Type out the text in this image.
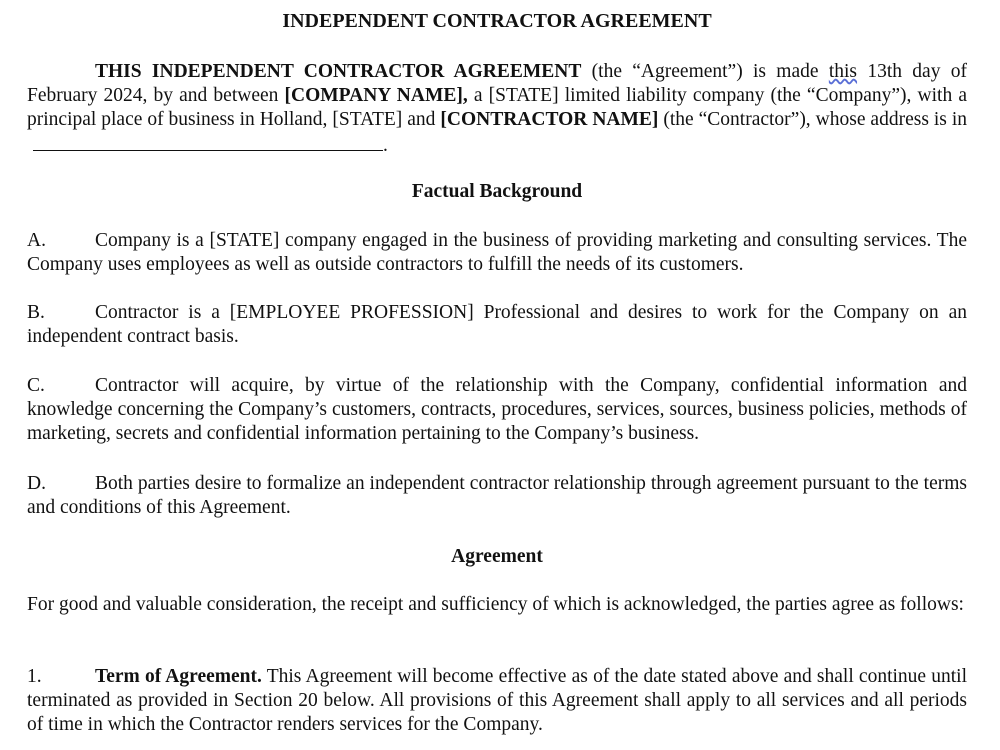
INDEPENDENT CONTRACTOR AGREEMENT

THIS INDEPENDENT CONTRACTOR AGREEMENT (the “Agreement”) is made this 13th day of February 2024, by and between [COMPANY NAME], a [STATE] limited liability company (the “Company”), with a principal place of business in Holland, [STATE] and [CONTRACTOR NAME] (the “Contractor”), whose address is in.

Factual Background

A.	Company is a [STATE] company engaged in the business of providing marketing and consulting services. The Company uses employees as well as outside contractors to fulfill the needs of its customers.

B.	Contractor is a [EMPLOYEE PROFESSION] Professional and desires to work for the Company on an independent contract basis.

C.	Contractor will acquire, by virtue of the relationship with the Company, confidential information and knowledge concerning the Company’s customers, contracts, procedures, services, sources, business policies, methods of marketing, secrets and confidential information pertaining to the Company’s business.

D.	Both parties desire to formalize an independent contractor relationship through agreement pursuant to the terms and conditions of this Agreement.

Agreement

For good and valuable consideration, the receipt and sufficiency of which is acknowledged, the parties agree as follows:

1.	Term of Agreement. This Agreement will become effective as of the date stated above and shall continue until terminated as provided in Section 20 below. All provisions of this Agreement shall apply to all services and all periods of time in which the Contractor renders services for the Company.
